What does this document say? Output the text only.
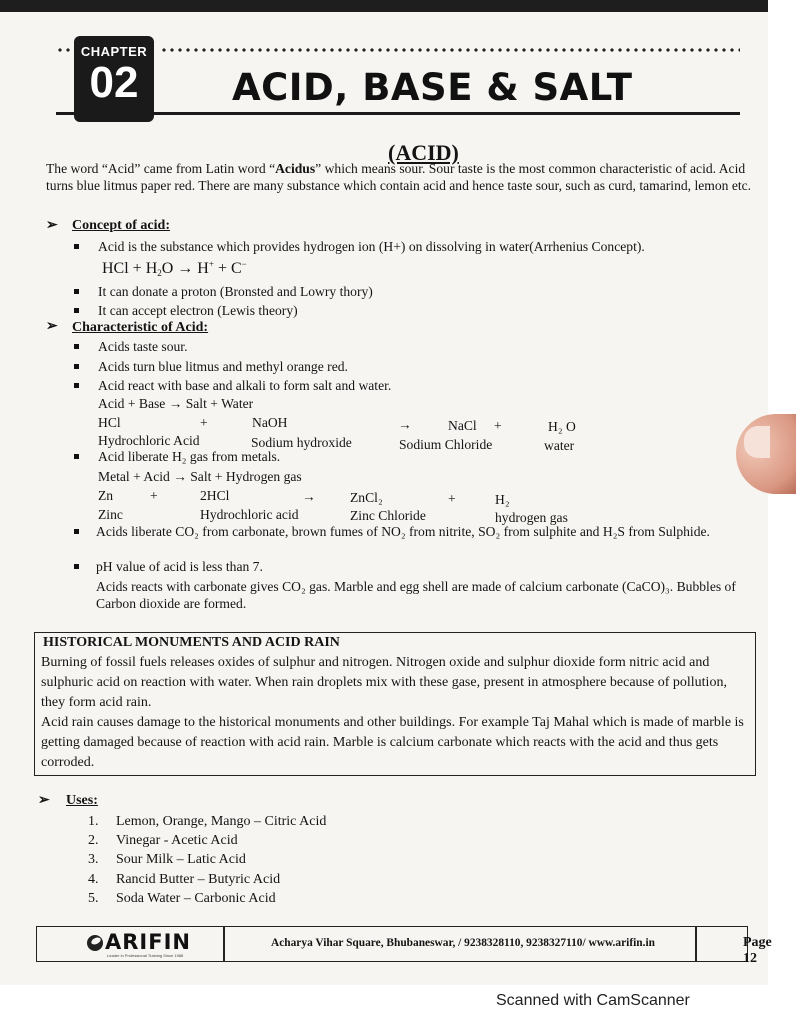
CHAPTER
02	ACID, BASE & SALT
(ACID)

The word “Acid” came from Latin word “Acidus” which means sour. Sour taste is the most common characteristic of acid. Acid turns blue litmus paper red. There are many substance which contain acid and hence taste sour, such as curd, tamarind, lemon etc.

➢ Concept of acid:
Acid is the substance which provides hydrogen ion (H+) on dissolving in water(Arrhenius Concept).
HCl + $H_2O \to H^+ + C^-$
It can donate a proton (Bronsted and Lowry thory)
It can accept electron (Lewis theory)
➢ Characteristic of Acid:
Acids taste sour.
Acids turn blue litmus and methyl orange red.
Acid react with base and alkali to form salt and water.
Acid + Base → Salt + Water
HCl	+	NaOH	→	NaCl +	H₂ O
Hydrochloric Acid	Sodium hydroxide	Sodium Chloride	water
Acid liberate H₂ gas from metals.
Metal + Acid → Salt + Hydrogen gas
Zn	+	2HCl	→	ZnCl₂	+	H₂
Zinc	Hydrochloric acid	Zinc Chloride	hydrogen gas
Acids liberate CO₂ from carbonate, brown fumes of NO₂ from nitrite, SO₂ from sulphite and H₂S from Sulphide.
pH value of acid is less than 7.
Acids reacts with carbonate gives CO₂ gas. Marble and egg shell are made of calcium carbonate (CaCO)₃. Bubbles of Carbon dioxide are formed.
HISTORICAL MONUMENTS AND ACID RAIN
Burning of fossil fuels releases oxides of sulphur and nitrogen. Nitrogen oxide and sulphur dioxide form nitric acid and sulphuric acid on reaction with water. When rain droplets mix with these gase, present in atmosphere because of pollution, they form acid rain.
Acid rain causes damage to the historical monuments and other buildings. For example Taj Mahal which is made of marble is getting damaged because of reaction with acid rain. Marble is calcium carbonate which reacts with the acid and thus gets corroded.
➢ Uses:
1. Lemon, Orange, Mango – Citric Acid
2. Vinegar - Acetic Acid
3. Sour Milk – Latic Acid
4. Rancid Butter – Butyric Acid
5. Soda Water – Carbonic Acid
ARIFIN
Leader in Professional Training Since 1988
Acharya Vihar Square, Bhubaneswar, / 9238328110, 9238327110/ www.arifin.in	Page 12
Scanned with CamScanner
